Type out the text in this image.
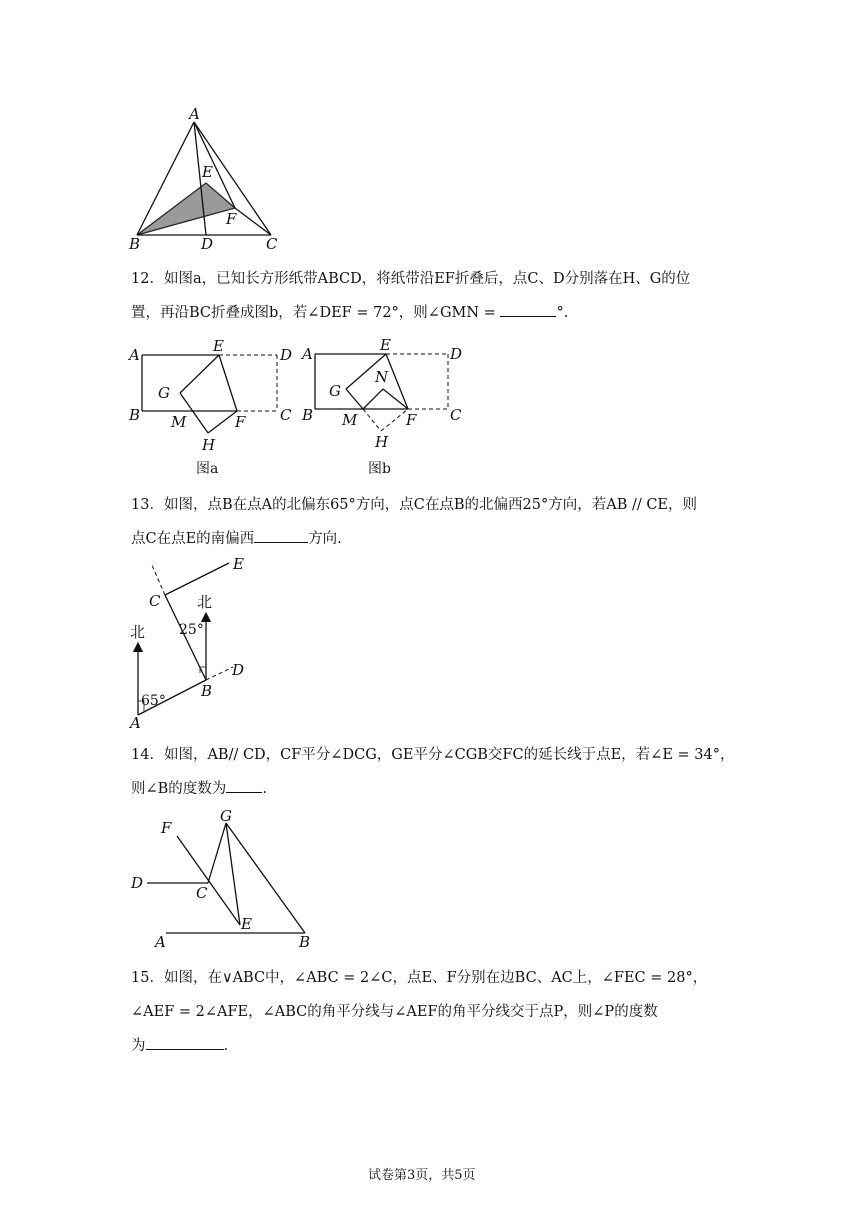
A
E
F
B	D	C
12．如图a，已知长方形纸带ABCD，将纸带沿EF折叠后，点C、D分别落在H、G的位
置，再沿BC折叠成图b，若∠DEF = 72°，则∠GMN =	°.
A	E	D
G
B M	F C
H
图a
A	E	D
N
G
B M	F C
H
图b
13．如图，点B在点A的北偏东65°方向，点C在点B的北偏西25°方向，若AB // CE，则
点C在点E的南偏西	方向.
E
C 北
25°
北
D
B
65°
A
14．如图，AB// CD，CF平分∠DCG，GE平分∠CGB交FC的延长线于点E，若∠E = 34°，
则∠B的度数为 .
F
G
D
C
E
A	B
15．如图，在∨ABC中，∠ABC = 2∠C，点E、F分别在边BC、AC上，∠FEC = 28°，
∠AEF = 2∠AFE，∠ABC的角平分线与∠AEF的角平分线交于点P，则∠P的度数
为	.
试卷第3页，共5页
